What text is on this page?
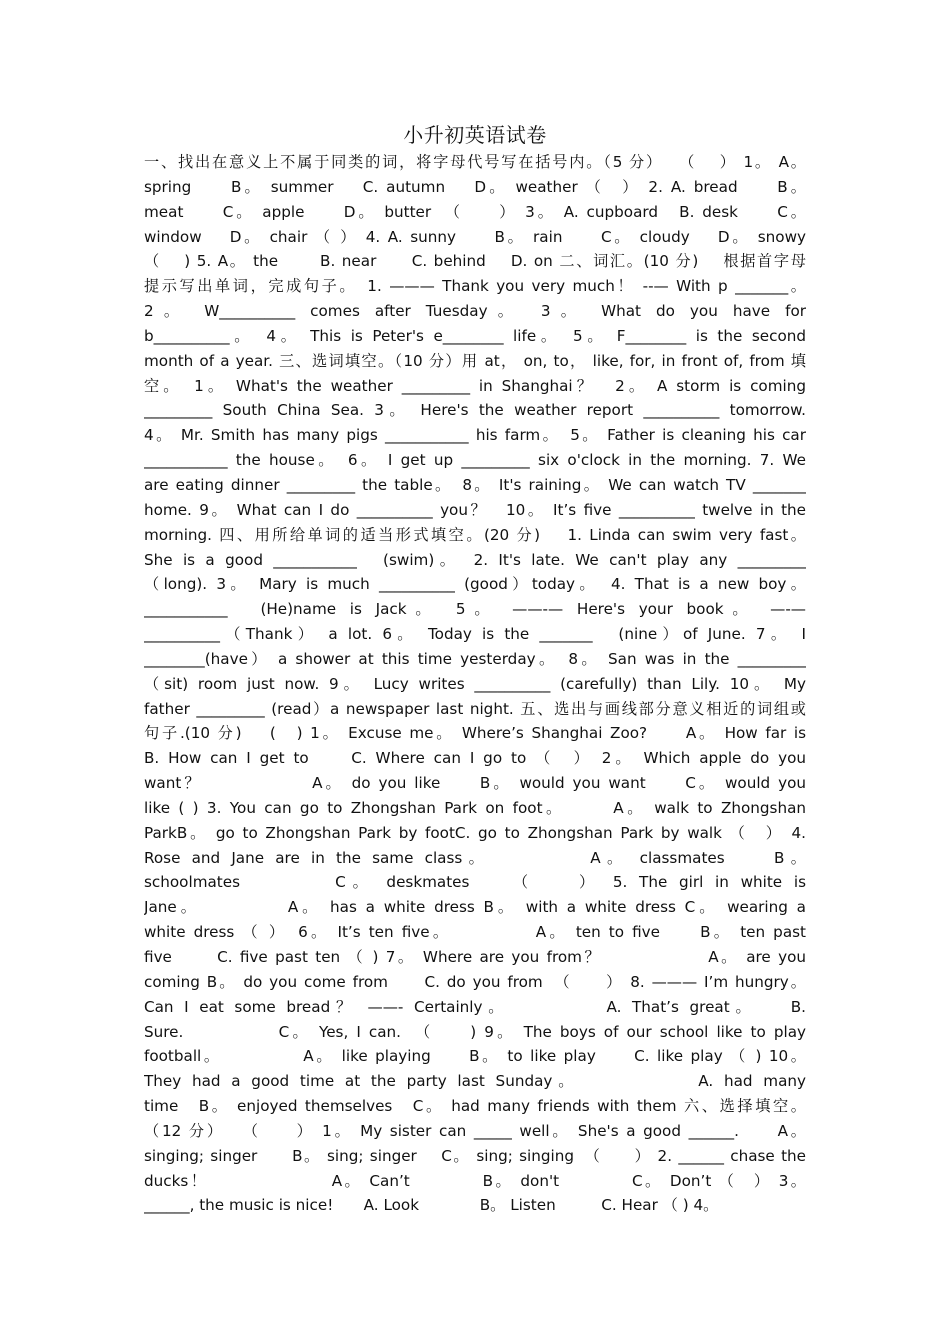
小升初英语试卷
一、找出在意义上不属于同类的词，将字母代号写在括号内。（5 分）　 （　 ） 1。 A。
spring　　B。 summer　 C. autumn　 D。 weather （　） 2. A. bread　　B。
meat　　C。 apple　　D。 butter　（　　） 3。 A. cupboard　B. desk　　C。
window　 D。 chair （ ） 4. A. sunny　　B。 rain　　C。 cloudy　 D。 snowy
（　 ) 5. A。 the　　 B. near　　C. behind　 D. on 二、词汇。(10 分)　 根据首字母
提示写出单词，完成句子。　1. ——— Thank you very much！ --— With p _______。
2。 W__________ comes after Tuesday。　3。 What do you have for
b__________。　4。 This is Peter's e________ life。　5。 F________ is the second
month of a year. 三、选词填空。（10 分）用 at， on, to， like, for, in front of, from 填
空。　1。 What's the weather _________ in Shanghai？　2。 A storm is coming
_________ South China Sea. 3。 Here's the weather report __________ tomorrow.
4。 Mr. Smith has many pigs ___________ his farm。　5。 Father is cleaning his car
___________ the house。　6。 I get up _________ six o'clock in the morning. 7. We
are eating dinner _________ the table。　8。 It's raining。 We can watch TV _______
home. 9。 What can I do __________ you？　10。 It’s five __________ twelve in the
morning. 四、用所给单词的适当形式填空。(20 分)　 1. Linda can swim very fast。
She is a good ___________　(swim)。　2. It's late. We can't play any _________
（long). 3。 Mary is much __________ (good）today。　4. That is a new boy。
___________　(He)name is Jack。　5。 ——-— Here's your book。 —-—
__________（Thank） a lot. 6。 Today is the _______　(nine）of June. 7。 I
________(have） a shower at this time yesterday。　8。 San was in the _________
（sit) room just now. 9。 Lucy writes __________ (carefully) than Lily. 10。 My
father _________ (read）a newspaper last night. 五、选出与画线部分意义相近的词组或
句子.(10 分)　 (　) 1。 Excuse me。 Where’s Shanghai Zoo?　　A。 How far is
B. How can I get to　　C. Where can I go to （　） 2。 Which apple do you
want？　　　　　　A。 do you like　　B。 would you want　　C。 would you
like ( ) 3. You can go to Zhongshan Park on foot。　　　A。 walk to Zhongshan
ParkB。 go to Zhongshan Park by footC. go to Zhongshan Park by walk （　） 4.
Rose and Jane are in the same class。　　　　　A。 classmates　　B。
schoolmates　　　　C。 deskmates　　（　　） 5. The girl in white is
Jane。　　　　　A。 has a white dress B。 with a white dress C。 wearing a
white dress （ ）　6。 It’s ten five。　　　　　A。 ten to five　　B。 ten past
five　　 C. five past ten （ ) 7。 Where are you from？　　　　　　A。 are you
coming B。 do you come from　　C. do you from　（　　） 8. ——— I’m hungry。
Can I eat some bread？ ——- Certainly。　　　　　A. That’s great。　　B.
Sure.　　　　　C。 Yes, I can.　（　　) 9。 The boys of our school like to play
football。　　　　　A。 like playing　　B。 to like play　　C. like play （ ) 10。
They had a good time at the party last Sunday。　　　　　　A. had many
time　B。 enjoyed themselves　C。 had many friends with them 六、选择填空。
（12 分）　 （　　） 1。 My sister can _____ well。 She's a good ______.　　A。
singing; singer　　B。 sing; singer　 C。 sing; singing　（　　） 2. ______ chase the
ducks！　　　　　　　A。 Can’t　　　　B。 don't　　　　C。 Don’t （　） 3。
______, the music is nice!　　A. Look　　　　B。 Listen　　　C. Hear （ ) 4。
